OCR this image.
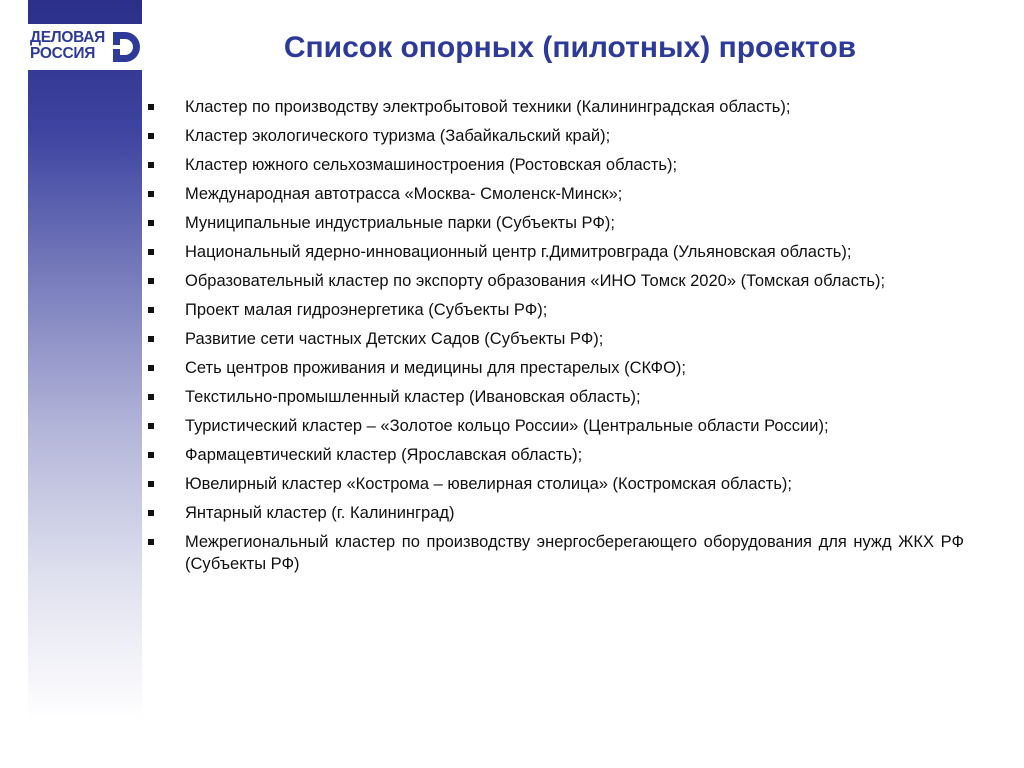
ДЕЛОВАЯ
РОССИЯ	Список опорных (пилотных) проектов
Кластер по производству электробытовой техники (Калининградская область);
Кластер экологического туризма (Забайкальский край);
Кластер южного сельхозмашиностроения (Ростовская область);
Международная автотрасса «Москва- Смоленск-Минск»;
Муниципальные индустриальные парки (Субъекты РФ);
Национальный ядерно-инновационный центр г.Димитровграда (Ульяновская область);
Образовательный кластер по экспорту образования «ИНО Томск 2020» (Томская область);
Проект малая гидроэнергетика (Субъекты РФ);
Развитие сети частных Детских Садов (Субъекты РФ);
Сеть центров проживания и медицины для престарелых (СКФО);
Текстильно-промышленный кластер (Ивановская область);
Туристический кластер – «Золотое кольцо России» (Центральные области России);
Фармацевтический кластер (Ярославская область);
Ювелирный кластер «Кострома – ювелирная столица» (Костромская область);
Янтарный кластер (г. Калининград)
Межрегиональный кластер по производству энергосберегающего оборудования для нужд ЖКХ РФ (Субъекты РФ)
